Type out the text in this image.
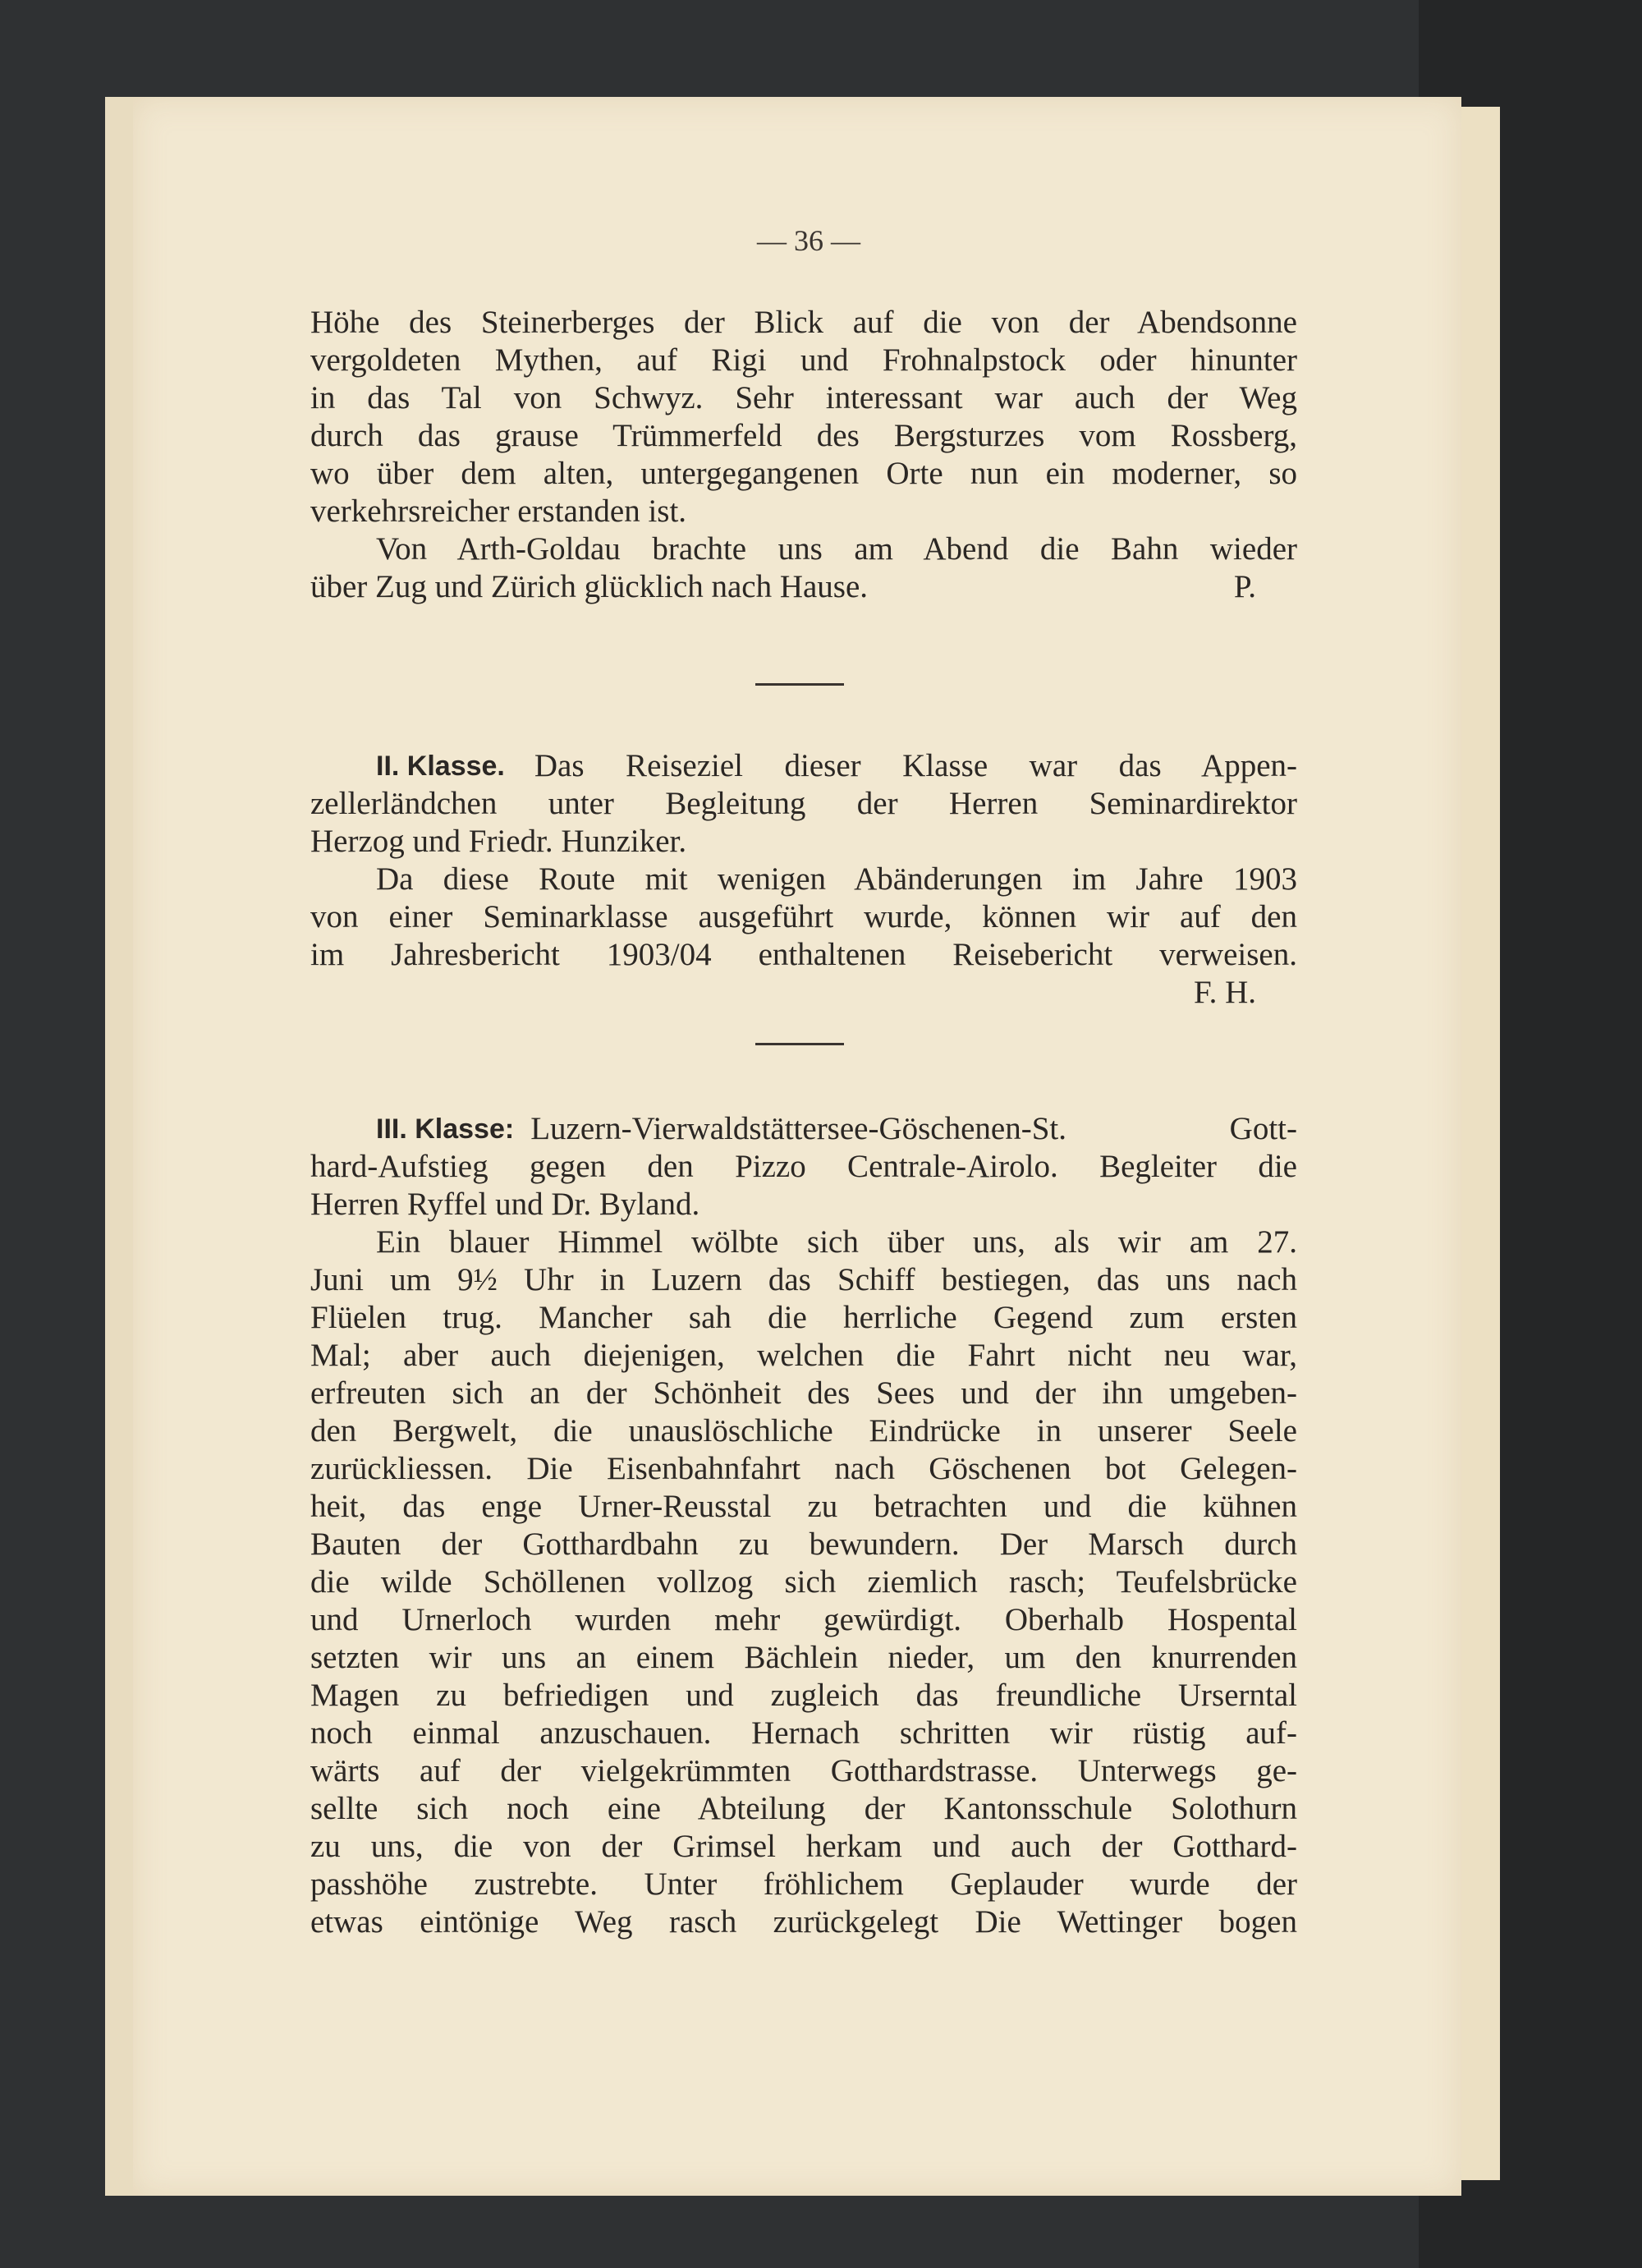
— 36 —
Höhe des Steinerberges der Blick auf die von der Abendsonne
vergoldeten Mythen, auf Rigi und Frohnalpstock oder hinunter
in das Tal von Schwyz. Sehr interessant war auch der Weg
durch das grause Trümmerfeld des Bergsturzes vom Rossberg,
wo über dem alten, untergegangenen Orte nun ein moderner, so
verkehrsreicher erstanden ist.
Von Arth-Goldau brachte uns am Abend die Bahn wieder
über Zug und Zürich glücklich nach Hause.	P.
II. Klasse. Das Reiseziel dieser Klasse war das Appen-
zellerländchen unter Begleitung der Herren Seminardirektor
Herzog und Friedr. Hunziker.
Da diese Route mit wenigen Abänderungen im Jahre 1903
von einer Seminarklasse ausgeführt wurde, können wir auf den
im Jahresbericht 1903/04 enthaltenen Reisebericht verweisen.
F. H.
III. Klasse: Luzern-Vierwaldstättersee-Göschenen-St. Gott-
hard-Aufstieg gegen den Pizzo Centrale-Airolo. Begleiter die
Herren Ryffel und Dr. Byland.
Ein blauer Himmel wölbte sich über uns, als wir am 27.
Juni um 9½ Uhr in Luzern das Schiff bestiegen, das uns nach
Flüelen trug. Mancher sah die herrliche Gegend zum ersten
Mal; aber auch diejenigen, welchen die Fahrt nicht neu war,
erfreuten sich an der Schönheit des Sees und der ihn umgeben-
den Bergwelt, die unauslöschliche Eindrücke in unserer Seele
zurückliessen. Die Eisenbahnfahrt nach Göschenen bot Gelegen-
heit, das enge Urner-Reusstal zu betrachten und die kühnen
Bauten der Gotthardbahn zu bewundern. Der Marsch durch
die wilde Schöllenen vollzog sich ziemlich rasch; Teufelsbrücke
und Urnerloch wurden mehr gewürdigt. Oberhalb Hospental
setzten wir uns an einem Bächlein nieder, um den knurrenden
Magen zu befriedigen und zugleich das freundliche Urserntal
noch einmal anzuschauen. Hernach schritten wir rüstig auf-
wärts auf der vielgekrümmten Gotthardstrasse. Unterwegs ge-
sellte sich noch eine Abteilung der Kantonsschule Solothurn
zu uns, die von der Grimsel herkam und auch der Gotthard-
passhöhe zustrebte. Unter fröhlichem Geplauder wurde der
etwas eintönige Weg rasch zurückgelegt Die Wettinger bogen
